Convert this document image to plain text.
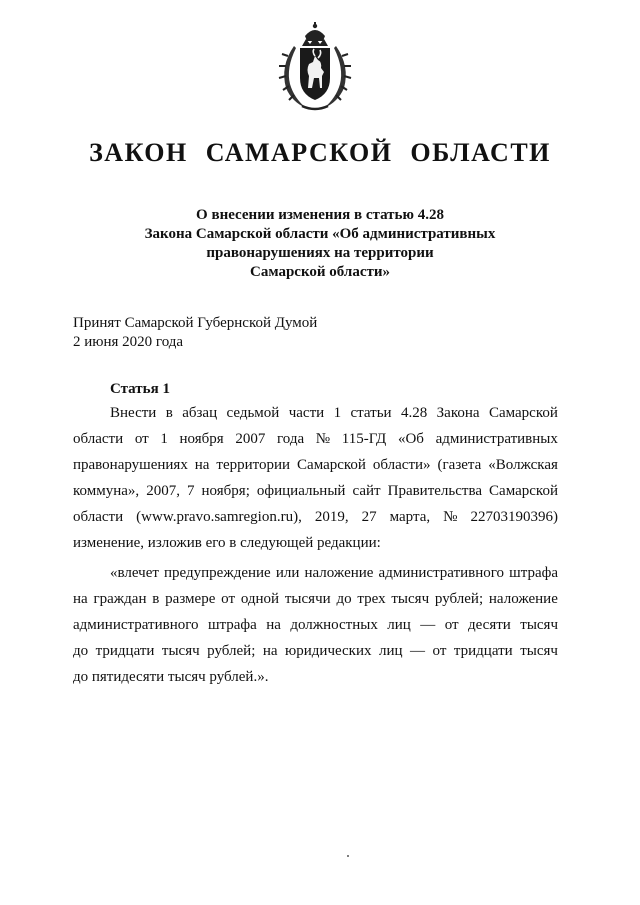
ЗАКОН САМАРСКОЙ ОБЛАСТИ
О внесении изменения в статью 4.28
Закона Самарской области «Об административных
правонарушениях на территории
Самарской области»
Принят Самарской Губернской Думой
2 июня 2020 года
Статья 1
Внести в абзац седьмой части 1 статьи 4.28 Закона Самарской
области от 1 ноября 2007 года № 115-ГД «Об административных
правонарушениях на территории Самарской области» (газета «Волжская
коммуна», 2007, 7 ноября; официальный сайт Правительства Самарской
области (www.pravo.samregion.ru), 2019, 27 марта, № 22703190396)
изменение, изложив его в следующей редакции:
«влечет предупреждение или наложение административного штрафа
на граждан в размере от одной тысячи до трех тысяч рублей; наложение
административного штрафа на должностных лиц — от десяти тысяч
до тридцати тысяч рублей; на юридических лиц — от тридцати тысяч
до пятидесяти тысяч рублей.».
